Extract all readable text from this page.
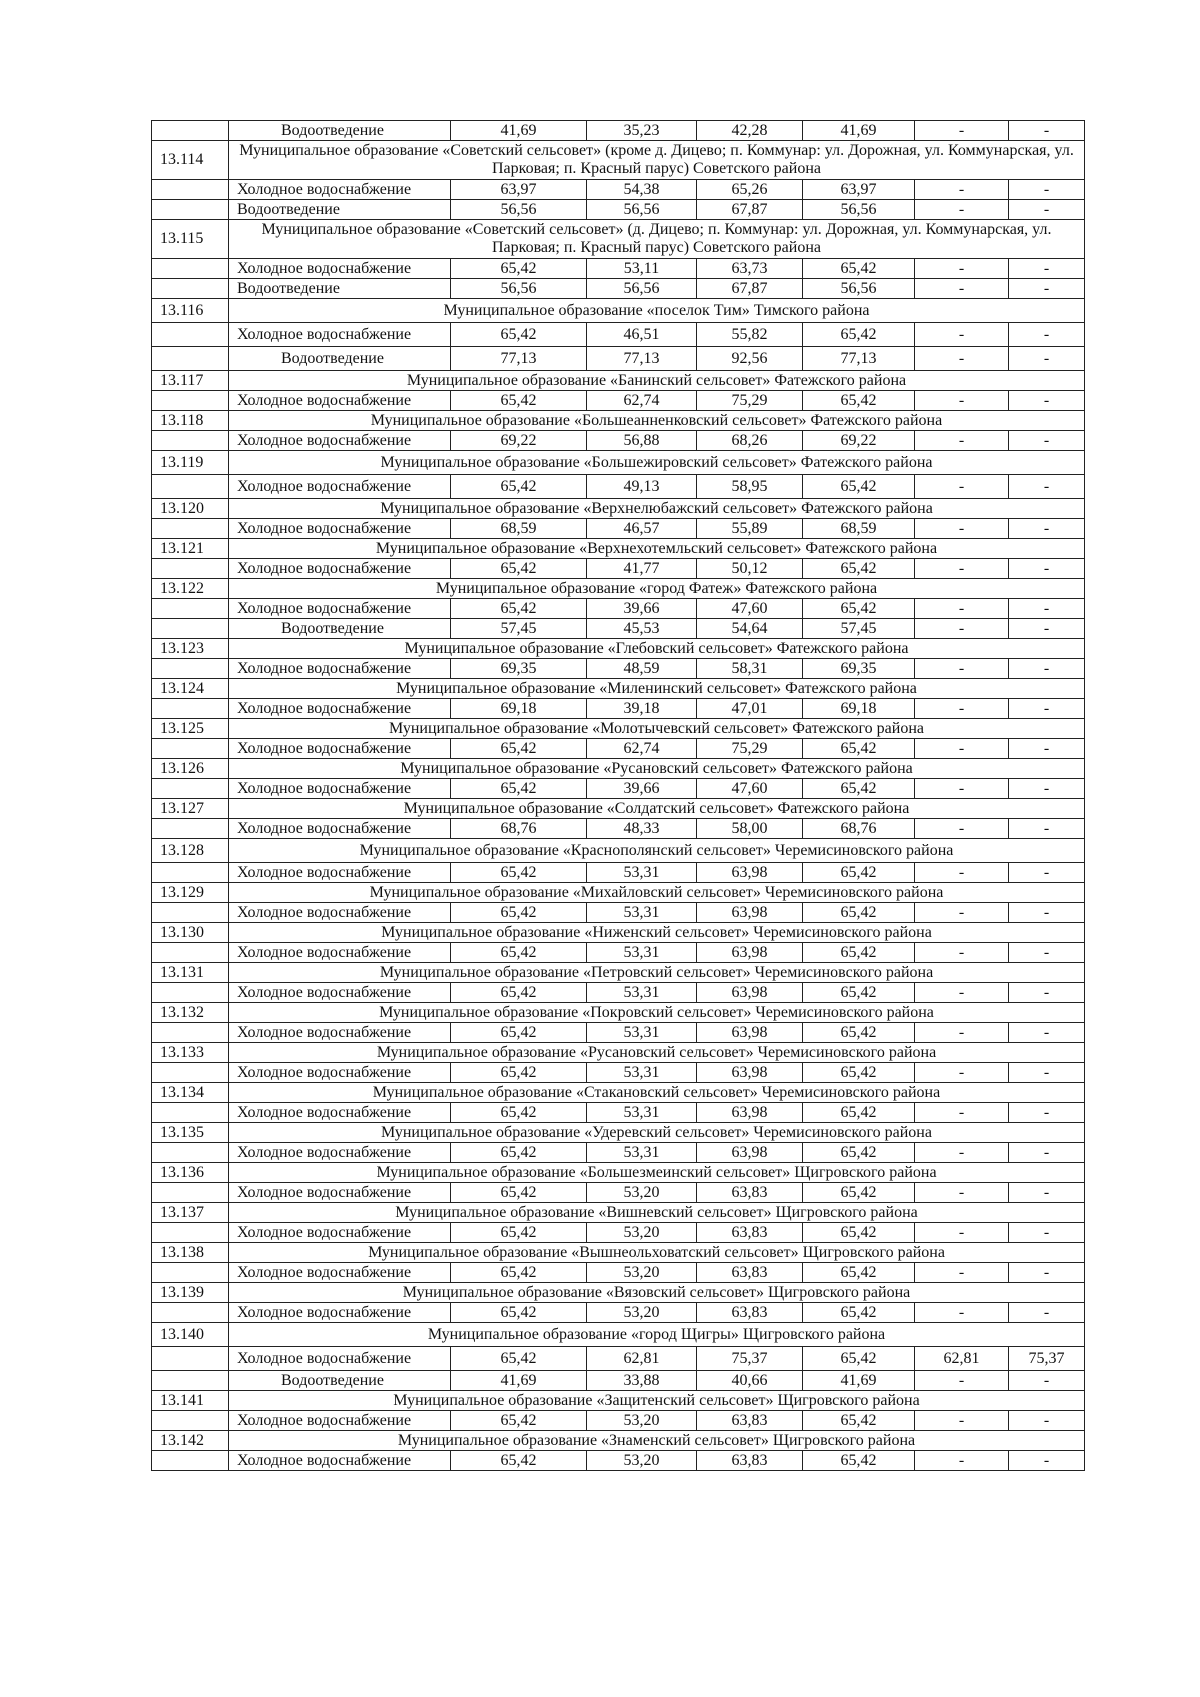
	Водоотведение	41,69	35,23	42,28	41,69	-	-
13.114	Муниципальное образование «Советский сельсовет» (кроме д. Дицево; п. Коммунар: ул. Дорожная, ул. Коммунарская, ул. Парковая; п. Красный парус) Советского района						
	Холодное водоснабжение	63,97	54,38	65,26	63,97	-	-
	Водоотведение	56,56	56,56	67,87	56,56	-	-
13.115	Муниципальное образование «Советский сельсовет» (д. Дицево; п. Коммунар: ул. Дорожная, ул. Коммунарская, ул. Парковая; п. Красный парус) Советского района						
	Холодное водоснабжение	65,42	53,11	63,73	65,42	-	-
	Водоотведение	56,56	56,56	67,87	56,56	-	-
13.116	Муниципальное образование «поселок Тим» Тимского района						
	Холодное водоснабжение	65,42	46,51	55,82	65,42	-	-
	Водоотведение	77,13	77,13	92,56	77,13	-	-
13.117	Муниципальное образование «Банинский сельсовет» Фатежского района						
	Холодное водоснабжение	65,42	62,74	75,29	65,42	-	-
13.118	Муниципальное образование «Большеанненковский сельсовет» Фатежского района						
	Холодное водоснабжение	69,22	56,88	68,26	69,22	-	-
13.119	Муниципальное образование «Большежировский сельсовет» Фатежского района						
	Холодное водоснабжение	65,42	49,13	58,95	65,42	-	-
13.120	Муниципальное образование «Верхнелюбажский сельсовет» Фатежского района						
	Холодное водоснабжение	68,59	46,57	55,89	68,59	-	-
13.121	Муниципальное образование «Верхнехотемльский сельсовет» Фатежского района						
	Холодное водоснабжение	65,42	41,77	50,12	65,42	-	-
13.122	Муниципальное образование «город Фатеж» Фатежского района						
	Холодное водоснабжение	65,42	39,66	47,60	65,42	-	-
	Водоотведение	57,45	45,53	54,64	57,45	-	-
13.123	Муниципальное образование «Глебовский сельсовет» Фатежского района						
	Холодное водоснабжение	69,35	48,59	58,31	69,35	-	-
13.124	Муниципальное образование «Миленинский сельсовет» Фатежского района						
	Холодное водоснабжение	69,18	39,18	47,01	69,18	-	-
13.125	Муниципальное образование «Молотычевский сельсовет» Фатежского района						
	Холодное водоснабжение	65,42	62,74	75,29	65,42	-	-
13.126	Муниципальное образование «Русановский сельсовет» Фатежского района						
	Холодное водоснабжение	65,42	39,66	47,60	65,42	-	-
13.127	Муниципальное образование «Солдатский сельсовет» Фатежского района						
	Холодное водоснабжение	68,76	48,33	58,00	68,76	-	-
13.128	Муниципальное образование «Краснополянский сельсовет» Черемисиновского района						
	Холодное водоснабжение	65,42	53,31	63,98	65,42	-	-
13.129	Муниципальное образование «Михайловский сельсовет» Черемисиновского района						
	Холодное водоснабжение	65,42	53,31	63,98	65,42	-	-
13.130	Муниципальное образование «Ниженский сельсовет» Черемисиновского района						
	Холодное водоснабжение	65,42	53,31	63,98	65,42	-	-
13.131	Муниципальное образование «Петровский сельсовет» Черемисиновского района						
	Холодное водоснабжение	65,42	53,31	63,98	65,42	-	-
13.132	Муниципальное образование «Покровский сельсовет» Черемисиновского района						
	Холодное водоснабжение	65,42	53,31	63,98	65,42	-	-
13.133	Муниципальное образование «Русановский сельсовет» Черемисиновского района						
	Холодное водоснабжение	65,42	53,31	63,98	65,42	-	-
13.134	Муниципальное образование «Стакановский сельсовет» Черемисиновского района						
	Холодное водоснабжение	65,42	53,31	63,98	65,42	-	-
13.135	Муниципальное образование «Удеревский сельсовет» Черемисиновского района						
	Холодное водоснабжение	65,42	53,31	63,98	65,42	-	-
13.136	Муниципальное образование «Большезмеинский сельсовет» Щигровского района						
	Холодное водоснабжение	65,42	53,20	63,83	65,42	-	-
13.137	Муниципальное образование «Вишневский сельсовет» Щигровского района						
	Холодное водоснабжение	65,42	53,20	63,83	65,42	-	-
13.138	Муниципальное образование «Вышнеольховатский сельсовет» Щигровского района						
	Холодное водоснабжение	65,42	53,20	63,83	65,42	-	-
13.139	Муниципальное образование «Вязовский сельсовет» Щигровского района						
	Холодное водоснабжение	65,42	53,20	63,83	65,42	-	-
13.140	Муниципальное образование «город Щигры» Щигровского района						
	Холодное водоснабжение	65,42	62,81	75,37	65,42	62,81	75,37
	Водоотведение	41,69	33,88	40,66	41,69	-	-
13.141	Муниципальное образование «Защитенский сельсовет» Щигровского района						
	Холодное водоснабжение	65,42	53,20	63,83	65,42	-	-
13.142	Муниципальное образование «Знаменский сельсовет» Щигровского района						
	Холодное водоснабжение	65,42	53,20	63,83	65,42	-	-
